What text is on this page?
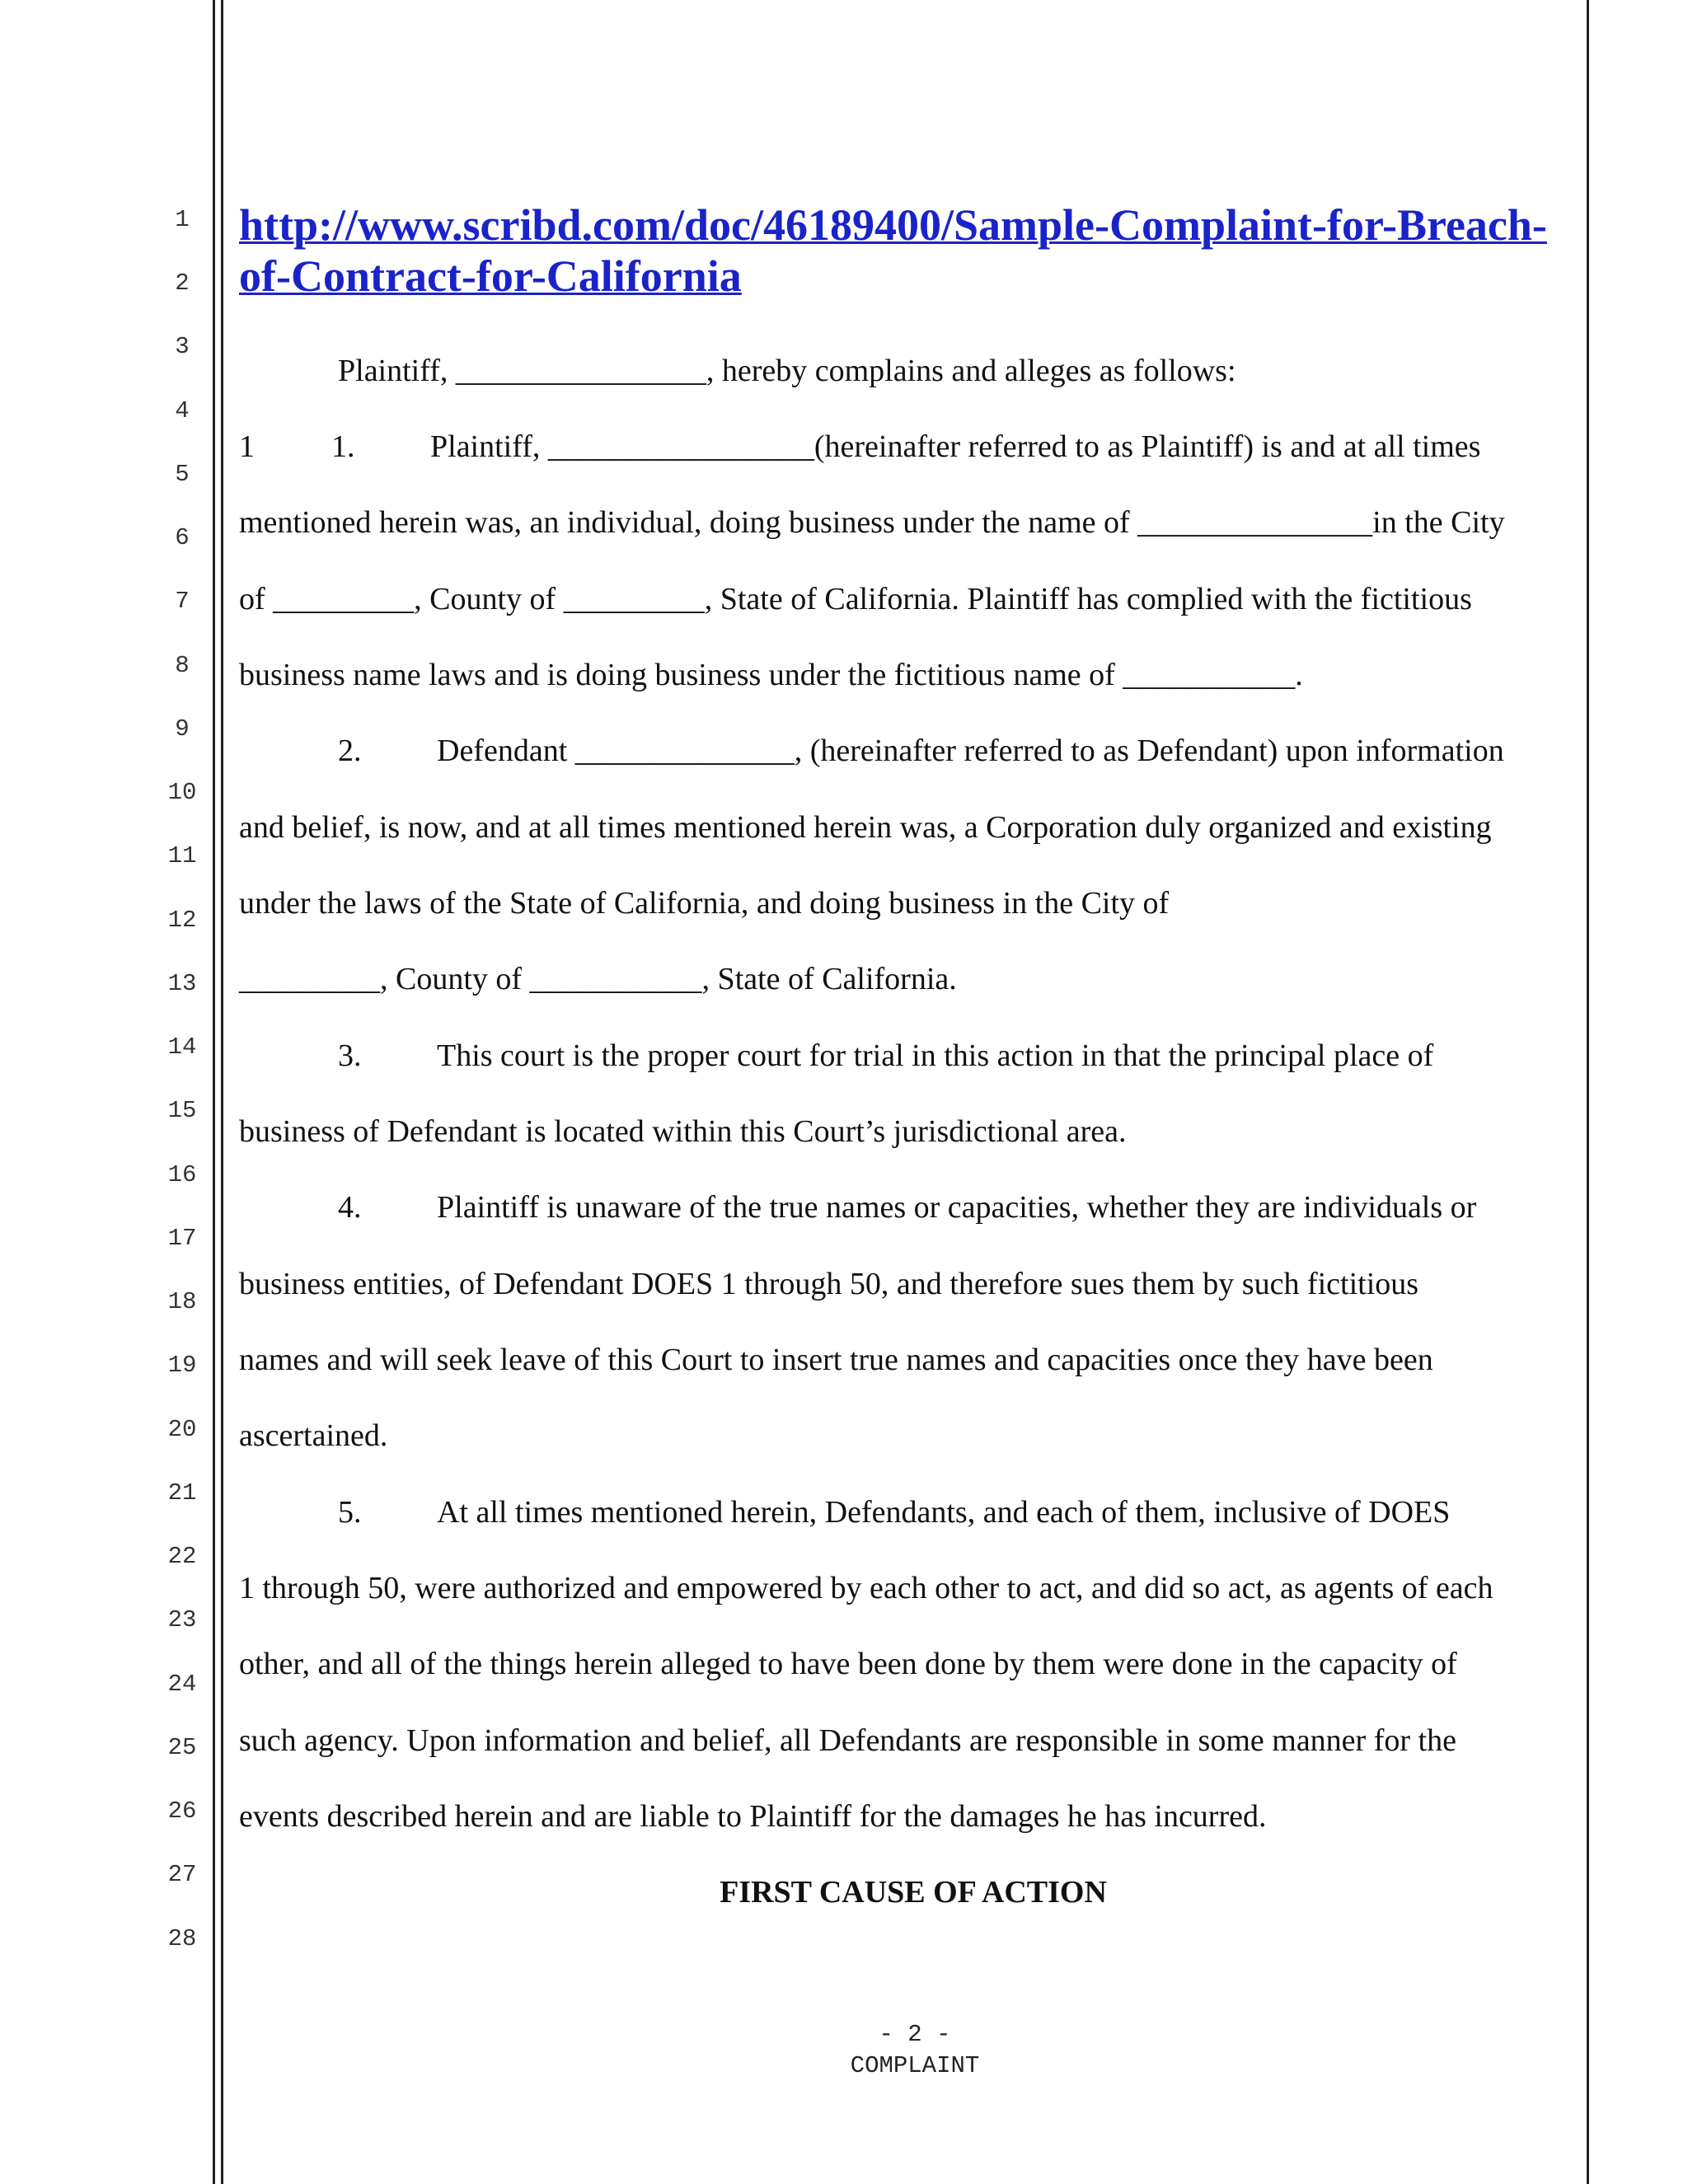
1
2
3
4
5
6
7
8
9
10
11
12
13
14
15
16
17
18
19
20
21
22
23
24
25
26
27
28
http://www.scribd.com/doc/46189400/Sample-Complaint-for-Breach-
of-Contract-for-California
Plaintiff, ________________, hereby complains and alleges as follows:
1 1. Plaintiff, _________________(hereinafter referred to as Plaintiff) is and at all times
mentioned herein was, an individual, doing business under the name of _______________in the City
of _________, County of _________, State of California. Plaintiff has complied with the fictitious
business name laws and is doing business under the fictitious name of ___________.
2. Defendant ______________, (hereinafter referred to as Defendant) upon information
and belief, is now, and at all times mentioned herein was, a Corporation duly organized and existing
under the laws of the State of California, and doing business in the City of
_________, County of ___________, State of California.
3. This court is the proper court for trial in this action in that the principal place of
business of Defendant is located within this Court’s jurisdictional area.
4. Plaintiff is unaware of the true names or capacities, whether they are individuals or
business entities, of Defendant DOES 1 through 50, and therefore sues them by such fictitious
names and will seek leave of this Court to insert true names and capacities once they have been
ascertained.
5. At all times mentioned herein, Defendants, and each of them, inclusive of DOES
1 through 50, were authorized and empowered by each other to act, and did so act, as agents of each
other, and all of the things herein alleged to have been done by them were done in the capacity of
such agency. Upon information and belief, all Defendants are responsible in some manner for the
events described herein and are liable to Plaintiff for the damages he has incurred.
FIRST CAUSE OF ACTION
- 2 -
COMPLAINT
